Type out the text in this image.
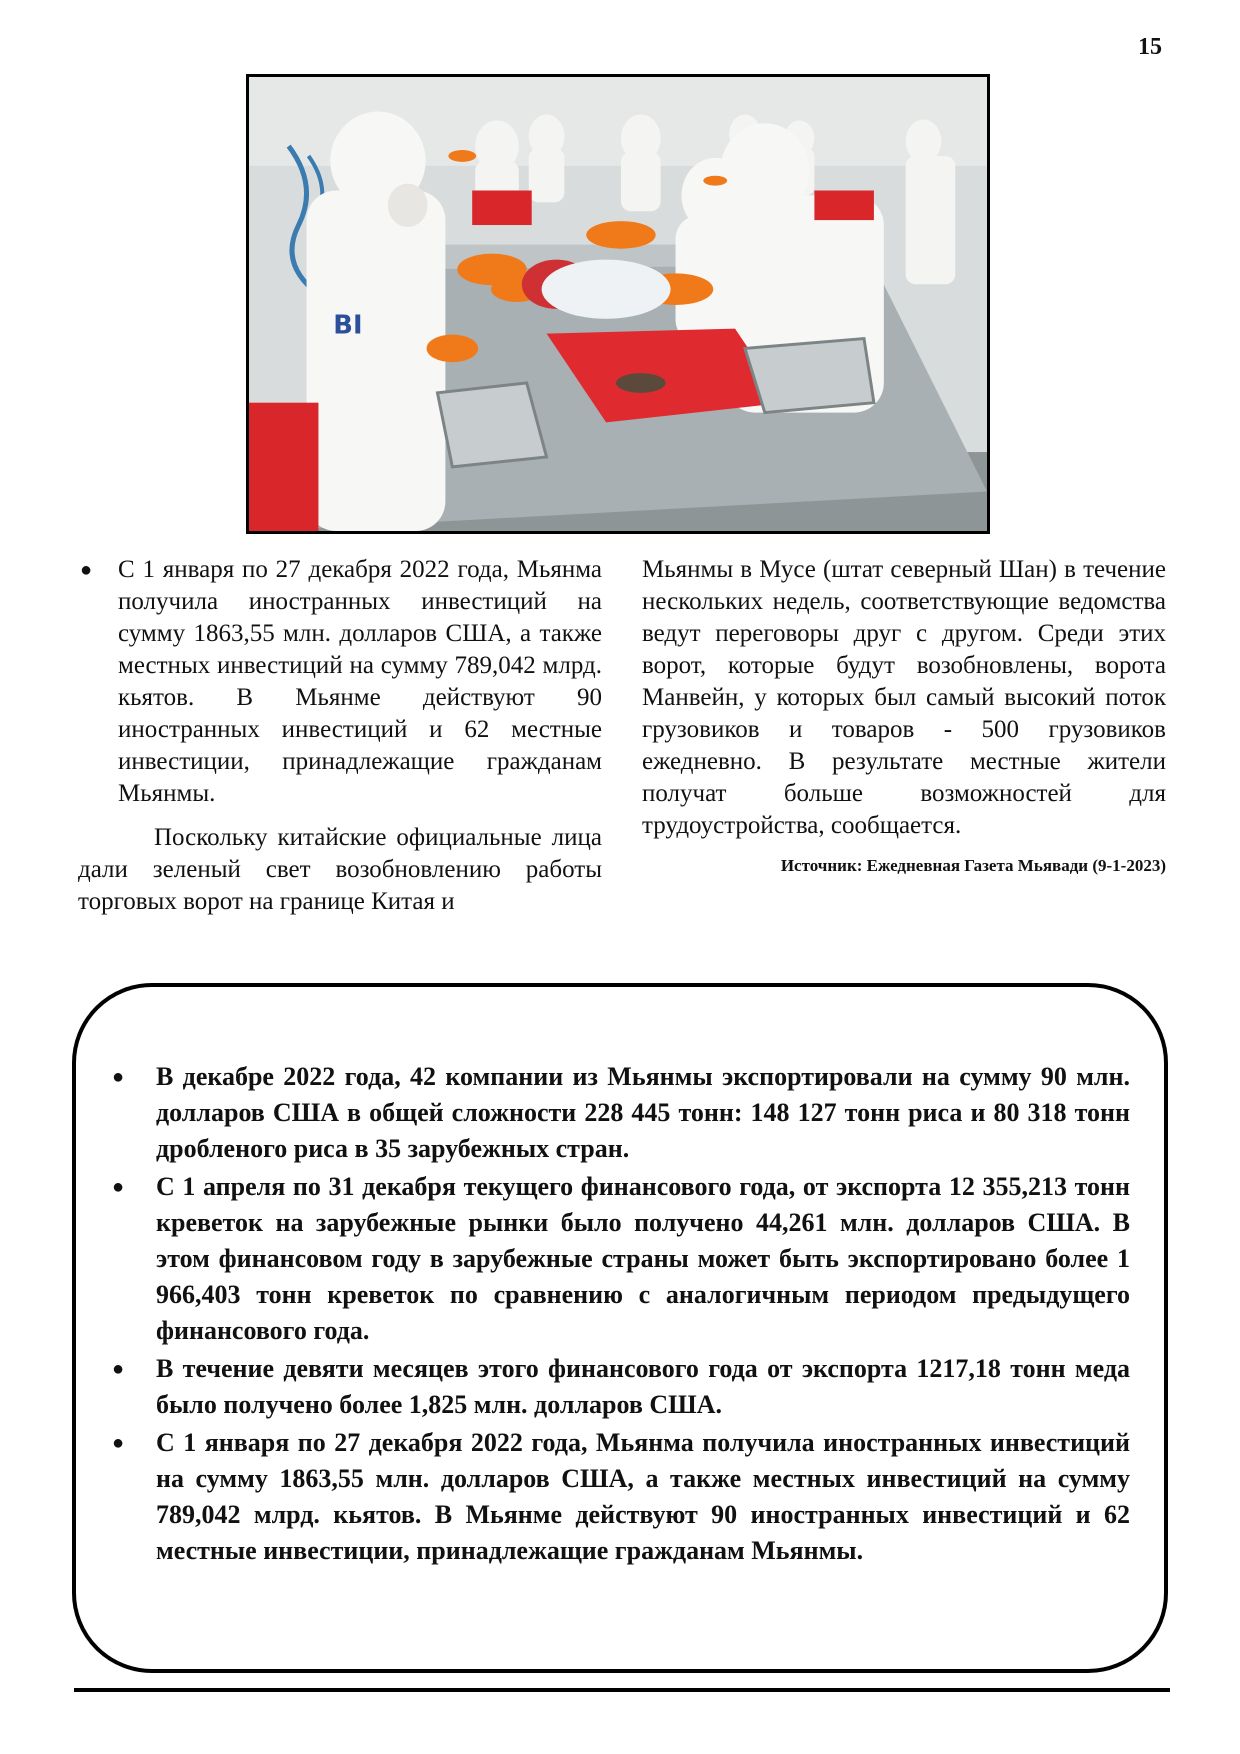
15
BI
●	С 1 января по 27 декабря 2022 года, Мьянма получила иностранных инвестиций на сумму 1863,55 млн. долларов США, а также местных инвестиций на сумму 789,042 млрд. кьятов. В Мьянме действуют 90 иностранных инвестиций и 62 местные инвестиции, принадлежащие гражданам Мьянмы.

Поскольку китайские официальные лица дали зеленый свет возобновлению работы торговых ворот на границе Китая и

Мьянмы в Мусе (штат северный Шан) в течение нескольких недель, соответствующие ведомства ведут переговоры друг с другом. Среди этих ворот, которые будут возобновлены, ворота Манвейн, у которых был самый высокий поток грузовиков и товаров - 500 грузовиков ежедневно. В результате местные жители получат больше возможностей для трудоустройства, сообщается.

Источник: Ежедневная Газета Мьявади (9-1-2023)
●	В декабре 2022 года, 42 компании из Мьянмы экспортировали на сумму 90 млн. долларов США в общей сложности 228 445 тонн: 148 127 тонн риса и 80 318 тонн дробленого риса в 35 зарубежных стран.
●	С 1 апреля по 31 декабря текущего финансового года, от экспорта 12 355,213 тонн креветок на зарубежные рынки было получено 44,261 млн. долларов США. В этом финансовом году в зарубежные страны может быть экспортировано более 1 966,403 тонн креветок по сравнению с аналогичным периодом предыдущего финансового года.
●	В течение девяти месяцев этого финансового года от экспорта 1217,18 тонн меда было получено более 1,825 млн. долларов США.
●	С 1 января по 27 декабря 2022 года, Мьянма получила иностранных инвестиций на сумму 1863,55 млн. долларов США, а также местных инвестиций на сумму 789,042 млрд. кьятов. В Мьянме действуют 90 иностранных инвестиций и 62 местные инвестиции, принадлежащие гражданам Мьянмы.
